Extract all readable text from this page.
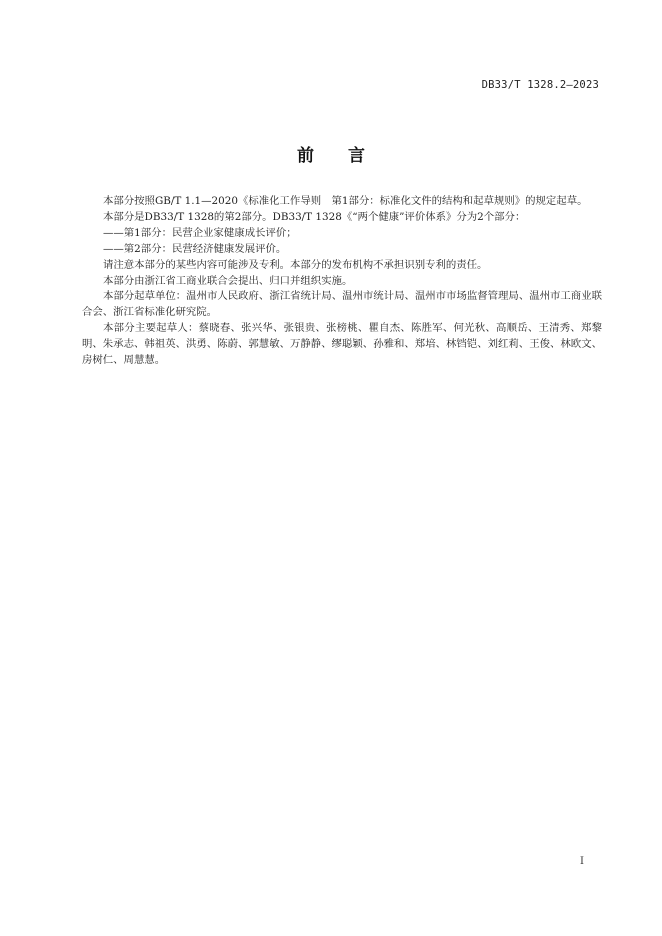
DB33/T 1328.2—2023
前言

本部分按照GB/T 1.1—2020《标准化工作导则　第1部分：标准化文件的结构和起草规则》的规定起草。

本部分是DB33/T 1328的第2部分。DB33/T 1328《“两个健康”评价体系》分为2个部分：

——第1部分：民营企业家健康成长评价；

——第2部分：民营经济健康发展评价。

请注意本部分的某些内容可能涉及专利。本部分的发布机构不承担识别专利的责任。

本部分由浙江省工商业联合会提出、归口并组织实施。

本部分起草单位：温州市人民政府、浙江省统计局、温州市统计局、温州市市场监督管理局、温州市工商业联合会、浙江省标准化研究院。

本部分主要起草人：蔡晓春、张兴华、张银贵、张榜桃、瞿自杰、陈胜军、何光秋、高顺岳、王清秀、郑黎明、朱承志、韩祖英、洪勇、陈蔚、郭慧敏、万静静、缪聪颖、孙雅和、郑培、林铛铠、刘红莉、王俊、林欧文、房树仁、周慧慧。

I
